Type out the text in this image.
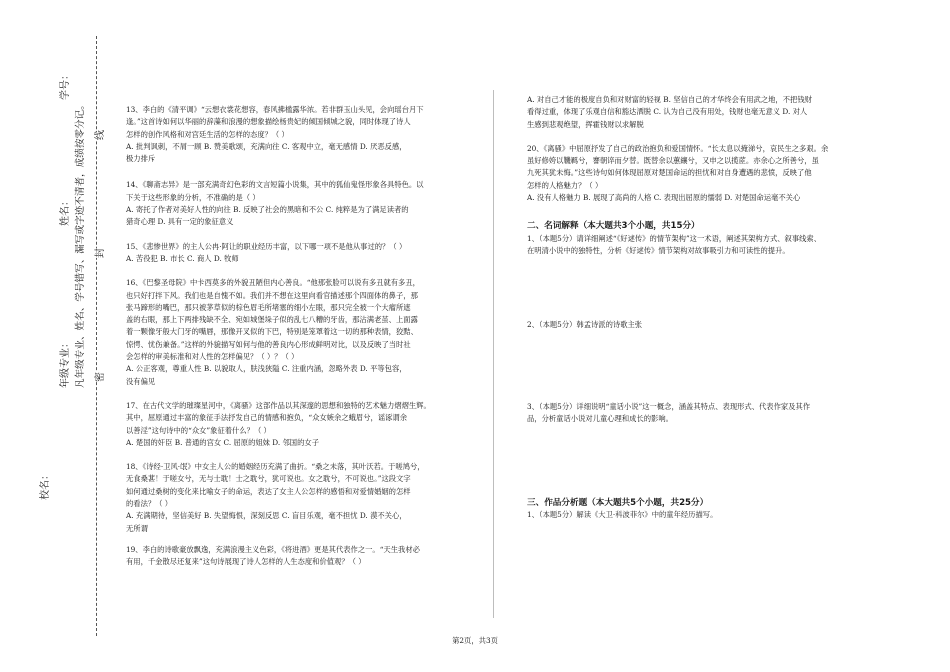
校名：
年级专业：
姓名：
学号：
凡年级专业、姓名、学号错写、漏写或字迹不清者，成绩按零分记。 密
封
线

13、李白的《清平调》“云想衣裳花想容，春风拂槛露华浓。若非群玉山头见，会向瑶台月下

逢。”这首诗如何以华丽的辞藻和浪漫的想象描绘杨贵妃的倾国倾城之貌，同时体现了诗人

怎样的创作风格和对宫廷生活的怎样的态度？（ ）

A. 批判讽刺，不屑一顾 B. 赞美歌颂，充满向往 C. 客观中立，毫无感情 D. 厌恶反感，

极力排斥

14、《聊斋志异》是一部充满奇幻色彩的文言短篇小说集，其中的狐仙鬼怪形象各具特色。以

下关于这些形象的分析，不准确的是（ ）

A. 寄托了作者对美好人性的向往 B. 反映了社会的黑暗和不公 C. 纯粹是为了满足读者的

猎奇心理 D. 具有一定的象征意义

15、《悲惨世界》的主人公冉·阿让的职业经历丰富，以下哪一项不是他从事过的？（ ）

A. 苦役犯 B. 市长 C. 商人 D. 牧师

16、《巴黎圣母院》中卡西莫多的外貌丑陋但内心善良。“他那张脸可以说有多丑就有多丑，

也只好打拌下风。我们也是自愧不如。我们并不想在这里向看官描述那个四面体的鼻子，那

张马蹄形的嘴巴，那只被茅草似的棕色眉毛所堵塞的细小左眼，那只完全被一个大瘤所遮

盖的右眼，那上下两排残缺不全、宛如城堡垛子似的乱七八糟的牙齿，那沾满老茧、上面露

着一颗像牙般大门牙的嘴唇，那像开叉似的下巴，特别是笼罩着这一切的那种表情，狡黠、

惊愕、忧伤兼备。”这样的外貌描写如何与他的善良内心形成鲜明对比，以及反映了当时社

会怎样的审美标准和对人性的怎样偏见？（ ）？（ ）

A. 公正客观，尊重人性 B. 以貌取人，肤浅狭隘 C. 注重内涵，忽略外表 D. 平等包容，

没有偏见

17、在古代文学的璀璨星河中，《离骚》这部作品以其深邃的思想和独特的艺术魅力熠熠生辉。

其中，屈原通过丰富的象征手法抒发自己的情感和抱负，“众女嫉余之蛾眉兮，谣诼谓余

以善淫”这句诗中的“众女”象征着什么？（ ）

A. 楚国的奸臣 B. 普通的宫女 C. 屈原的姐妹 D. 邻国的女子

18、《诗经·卫风·氓》中女主人公的婚姻经历充满了曲折。“桑之未落，其叶沃若。于嗟鸠兮，

无食桑葚！于嗟女兮，无与士耽！士之耽兮，犹可说也。女之耽兮，不可说也。”这段文字

如何通过桑树的变化来比喻女子的命运，表达了女主人公怎样的感悟和对爱情婚姻的怎样

的看法？（ ）

A. 充满期待，坚信美好 B. 失望悔恨，深刻反思 C. 盲目乐观，毫不担忧 D. 漠不关心，

无所谓

19、李白的诗歌豪放飘逸，充满浪漫主义色彩，《将进酒》更是其代表作之一。“天生我材必

有用，千金散尽还复来”这句诗展现了诗人怎样的人生态度和价值观？（ ）

A. 对自己才能的极度自负和对财富的轻视 B. 坚信自己的才华终会有用武之地，不把钱财

看得过重，体现了乐观自信和豁达洒脱 C. 认为自己没有用处，钱财也毫无意义 D. 对人

生感到悲观绝望，挥霍钱财以求解脱

20、《离骚》中屈原抒发了自己的政治抱负和爱国情怀。“长太息以掩涕兮，哀民生之多艰。余

虽好修姱以鞿羁兮，謇朝谇而夕替。既替余以蕙纕兮，又申之以揽茝。亦余心之所善兮，虽

九死其犹未悔。”这些诗句如何体现屈原对楚国命运的担忧和对自身遭遇的悲愤，反映了他

怎样的人格魅力？（ ）

A. 没有人格魅力 B. 展现了高尚的人格 C. 表现出屈原的懦弱 D. 对楚国命运毫不关心

二、名词解释（本大题共3个小题，共15分）

1、（本题5分）请详细阐述“《好逑传》的情节架构”这一术语，阐述其架构方式、叙事线索、

在明清小说中的独特性，分析《好逑传》情节架构对故事吸引力和可读性的提升。

2、（本题5分）韩孟诗派的诗歌主张

3、（本题5分）详细说明“童话小说”这一概念，涵盖其特点、表现形式、代表作家及其作

品，分析童话小说对儿童心理和成长的影响。

三、作品分析题（本大题共5个小题，共25分）

1、（本题5分）解读《大卫·科波菲尔》中的童年经历描写。

第2页，共3页
